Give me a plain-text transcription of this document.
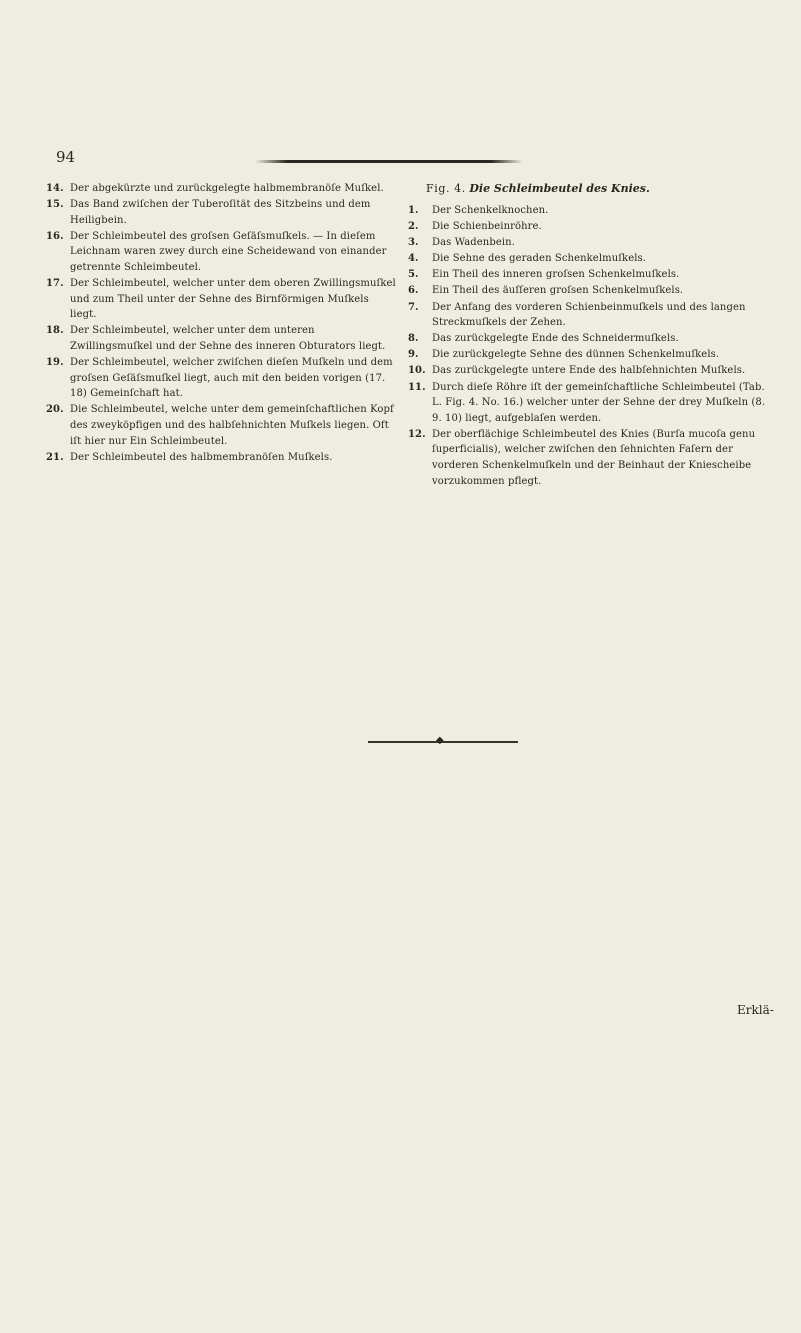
94
14. Der abgekürzte und zurückgelegte halbmembranöſe Muſkel.
15. Das Band zwiſchen der Tuberoſität des Sitzbeins und dem Heiligbein.
16. Der Schleimbeutel des groſsen Geſäſsmuſkels. — In dieſem Leichnam waren zwey durch eine Scheidewand von einander getrennte Schleimbeutel.
17. Der Schleimbeutel, welcher unter dem oberen Zwillingsmuſkel und zum Theil unter der Sehne des Birnförmigen Muſkels liegt.
18. Der Schleimbeutel, welcher unter dem unteren Zwillingsmuſkel und der Sehne des inneren Obturators liegt.
19. Der Schleimbeutel, welcher zwiſchen dieſen Muſkeln und dem groſsen Geſäſsmuſkel liegt, auch mit den beiden vorigen (17. 18) Gemeinſchaft hat.
20. Die Schleimbeutel, welche unter dem gemeinſchaftlichen Kopf des zweyköpfigen und des halbſehnichten Muſkels liegen. Oft iſt hier nur Ein Schleimbeutel.
21. Der Schleimbeutel des halbmembranöſen Muſkels.
Fig. 4. Die Schleimbeutel des Knies.
1.	Der Schenkelknochen.
2.	Die Schienbeinröhre.
3.	Das Wadenbein.
4.	Die Sehne des geraden Schenkelmuſkels.
5.	Ein Theil des inneren groſsen Schenkelmuſkels.
6.	Ein Theil des äuſſeren groſsen Schenkelmuſkels.
7.	Der Anfang des vorderen Schienbeinmuſkels und des langen Streckmuſkels der Zehen.
8.	Das zurückgelegte Ende des Schneidermuſkels.
9.	Die zurückgelegte Sehne des dünnen Schenkelmuſkels.
10. Das zurückgelegte untere Ende des halbſehnichten Muſkels.
11. Durch dieſe Röhre iſt der gemeinſchaftliche Schleimbeutel (Tab. L. Fig. 4. No. 16.) welcher unter der Sehne der drey Muſkeln (8. 9. 10) liegt, aufgeblaſen werden.
12. Der oberflächige Schleimbeutel des Knies (Burſa mucoſa genu ſuperficialis), welcher zwiſchen den ſehnichten Faſern der vorderen Schenkelmuſkeln und der Beinhaut der Kniescheibe vorzukommen pflegt.
◆
Erklä-
